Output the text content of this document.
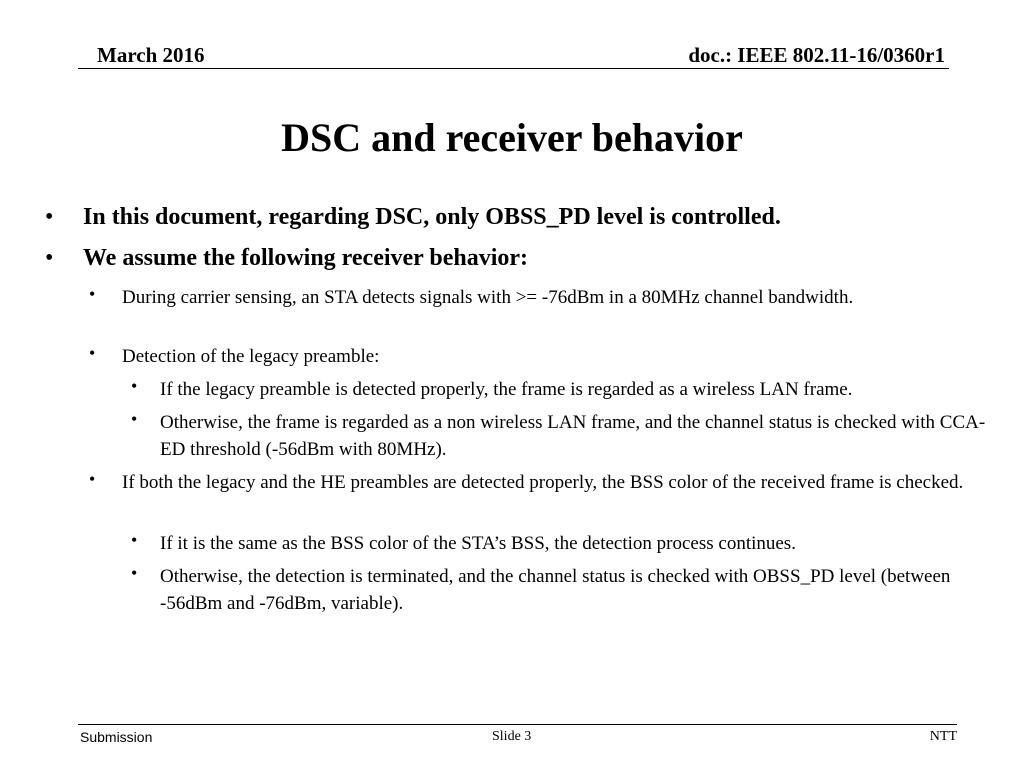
March 2016	doc.: IEEE 802.11-16/0360r1
DSC and receiver behavior
• In this document, regarding DSC, only OBSS_PD level is controlled.
• We assume the following receiver behavior:
• During carrier sensing, an STA detects signals with >= -76dBm in a 80MHz channel bandwidth.
• Detection of the legacy preamble:
• If the legacy preamble is detected properly, the frame is regarded as a wireless LAN frame.
• Otherwise, the frame is regarded as a non wireless LAN frame, and the channel status is checked with CCA-ED threshold (-56dBm with 80MHz).
• If both the legacy and the HE preambles are detected properly, the BSS color of the received frame is checked.
• If it is the same as the BSS color of the STA’s BSS, the detection process continues.
• Otherwise, the detection is terminated, and the channel status is checked with OBSS_PD level (between -56dBm and -76dBm, variable).
Submission	Slide 3	NTT
